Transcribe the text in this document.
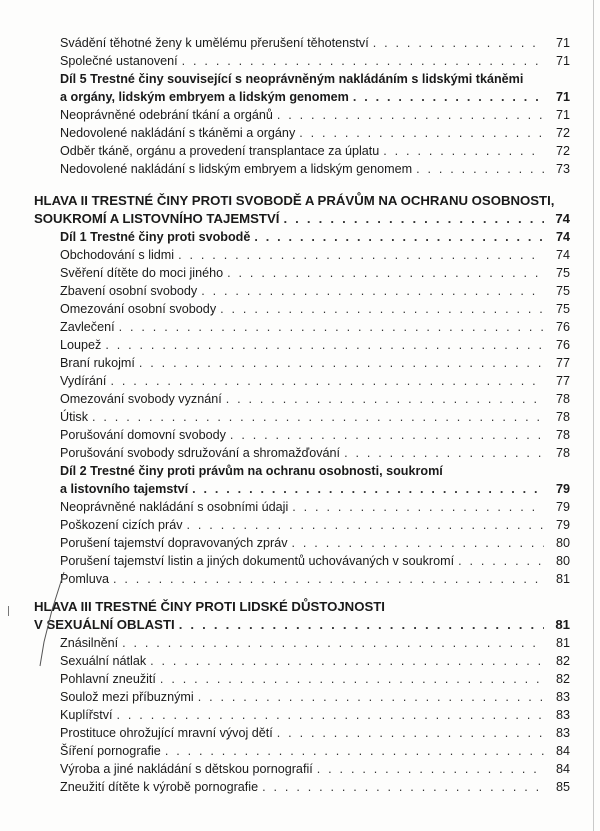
Svádění těhotné ženy k umělému přerušení těhotenství . . .	71
Společné ustanovení . . .	71
Díl 5 Trestné činy související s neoprávněným nakládáním s lidskými tkáněmi
a orgány, lidským embryem a lidským genomem . . .	71
Neoprávněné odebrání tkání a orgánů . . .	71
Nedovolené nakládání s tkáněmi a orgány . . .	72
Odběr tkáně, orgánu a provedení transplantace za úplatu . . .	72
Nedovolené nakládání s lidským embryem a lidským genomem . . .	73
HLAVA II TRESTNÉ ČINY PROTI SVOBODĚ A PRÁVŮM NA OCHRANU OSOBNOSTI,
SOUKROMÍ A LISTOVNÍHO TAJEMSTVÍ . . .	74
Díl 1 Trestné činy proti svobodě . . .	74
Obchodování s lidmi . . .	74
Svěření dítěte do moci jiného . . .	75
Zbavení osobní svobody . . .	75
Omezování osobní svobody . . .	75
Zavlečení . . .	76
Loupež . . .	76
Braní rukojmí . . .	77
Vydírání . . .	77
Omezování svobody vyznání . . .	78
Útisk . . .	78
Porušování domovní svobody . . .	78
Porušování svobody sdružování a shromažďování . . .	78
Díl 2 Trestné činy proti právům na ochranu osobnosti, soukromí
a listovního tajemství . . .	79
Neoprávněné nakládání s osobními údaji . . .	79
Poškození cizích práv . . .	79
Porušení tajemství dopravovaných zpráv . . .	80
Porušení tajemství listin a jiných dokumentů uchovávaných v soukromí . . .	80
Pomluva . . .	81
HLAVA III TRESTNÉ ČINY PROTI LIDSKÉ DŮSTOJNOSTI
V SEXUÁLNÍ OBLASTI . . .	81
Znásilnění . . .	81
Sexuální nátlak . . .	82
Pohlavní zneužití . . .	82
Soulož mezi příbuznými . . .	83
Kuplířství . . .	83
Prostituce ohrožující mravní vývoj dětí . . .	83
Šíření pornografie . . .	84
Výroba a jiné nakládání s dětskou pornografií . . .	84
Zneužití dítěte k výrobě pornografie . . .	85
